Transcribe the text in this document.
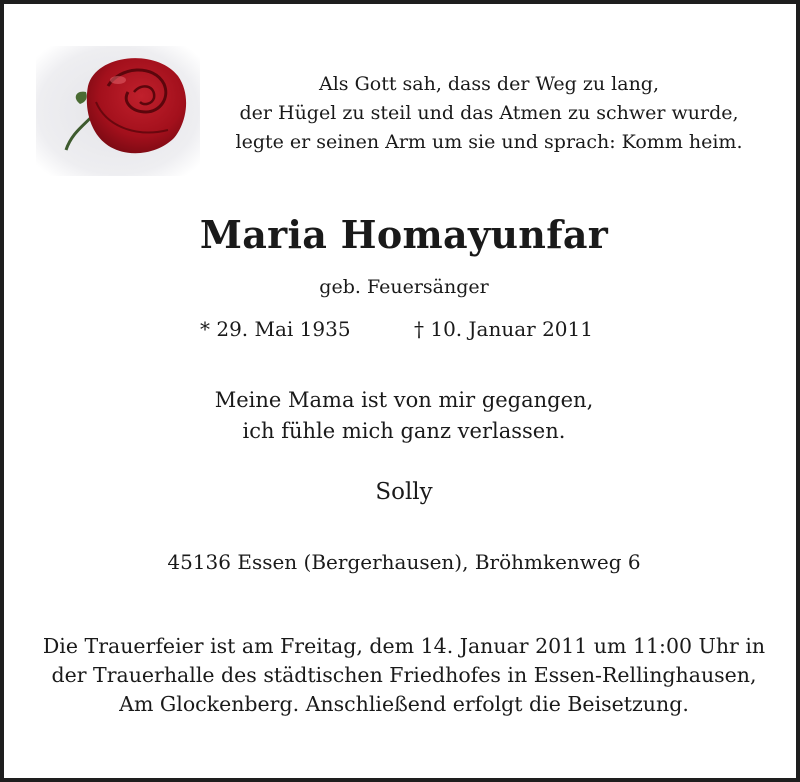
Als Gott sah, dass der Weg zu lang,
der Hügel zu steil und das Atmen zu schwer wurde,
legte er seinen Arm um sie und sprach: Komm heim.
Maria Homayunfar
geb. Feuersänger
* 29. Mai 1935	† 10. Januar 2011
Meine Mama ist von mir gegangen,
ich fühle mich ganz verlassen.
Solly
45136 Essen (Bergerhausen), Bröhmkenweg 6
Die Trauerfeier ist am Freitag, dem 14. Januar 2011 um 11:00 Uhr in
der Trauerhalle des städtischen Friedhofes in Essen-Rellinghausen,
Am Glockenberg. Anschließend erfolgt die Beisetzung.
